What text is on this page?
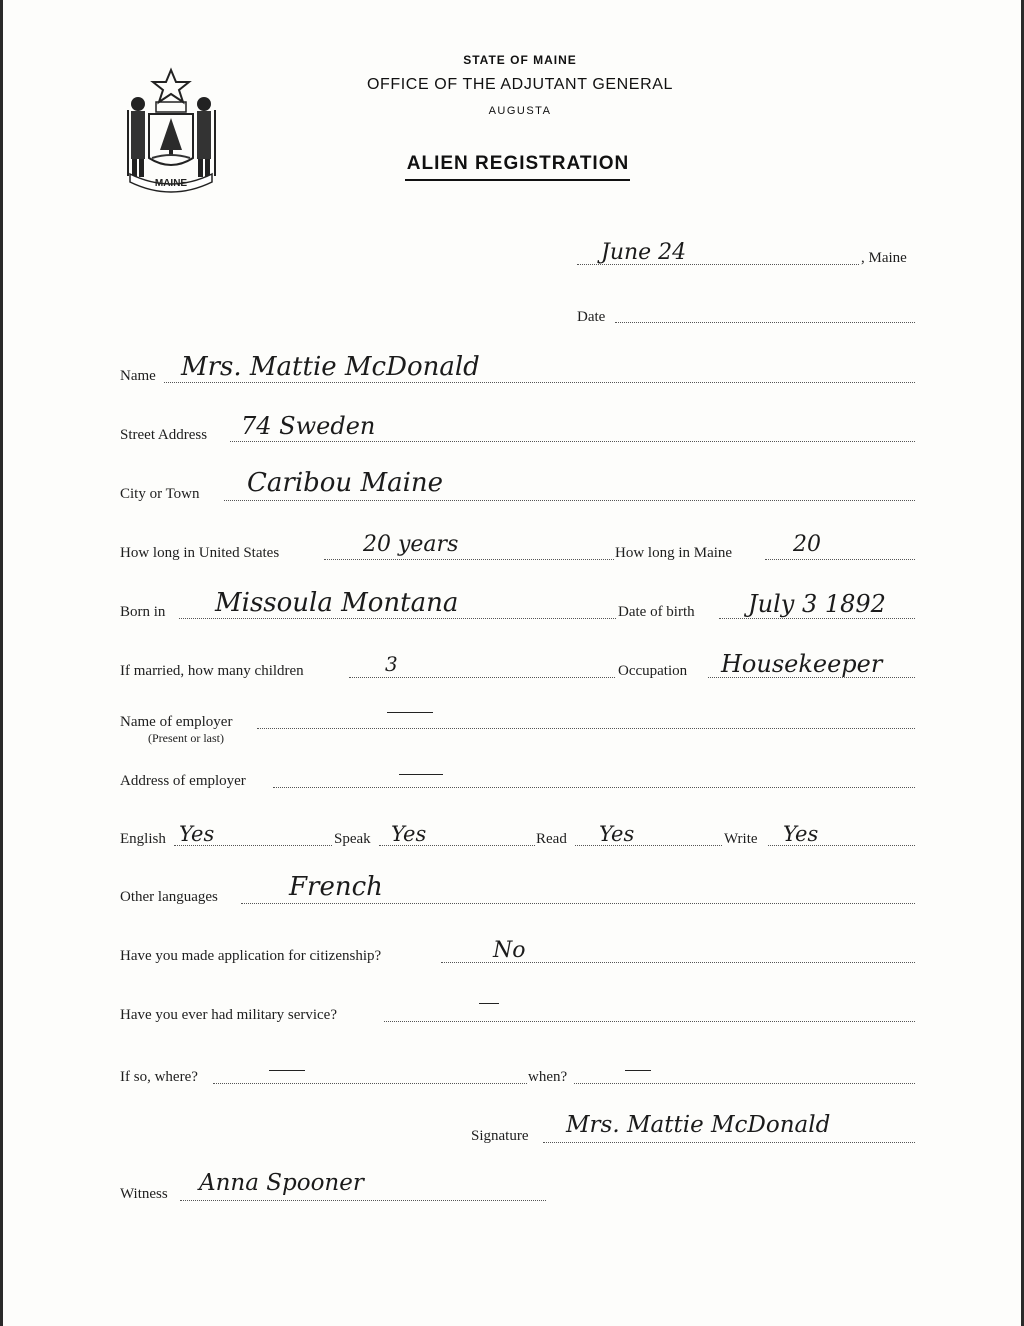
MAINE
STATE OF MAINE
OFFICE OF THE ADJUTANT GENERAL
AUGUSTA
ALIEN REGISTRATION
June 24	, Maine
Date
Name Mrs. Mattie McDonald
Street Address 74 Sweden
City or Town Caribou Maine
How long in United States	20 years	How long in Maine	20
Born in Missoula Montana	Date of birth July 3 1892
If married, how many children	3	Occupation Housekeeper
Name of employer
(Present or last)
Address of employer
English Yes	Speak Yes	Read Yes	Write Yes
Other languages	French
Have you made application for citizenship?	No
Have you ever had military service?
If so, where?	when?
Signature Mrs. Mattie McDonald
Witness Anna Spooner
